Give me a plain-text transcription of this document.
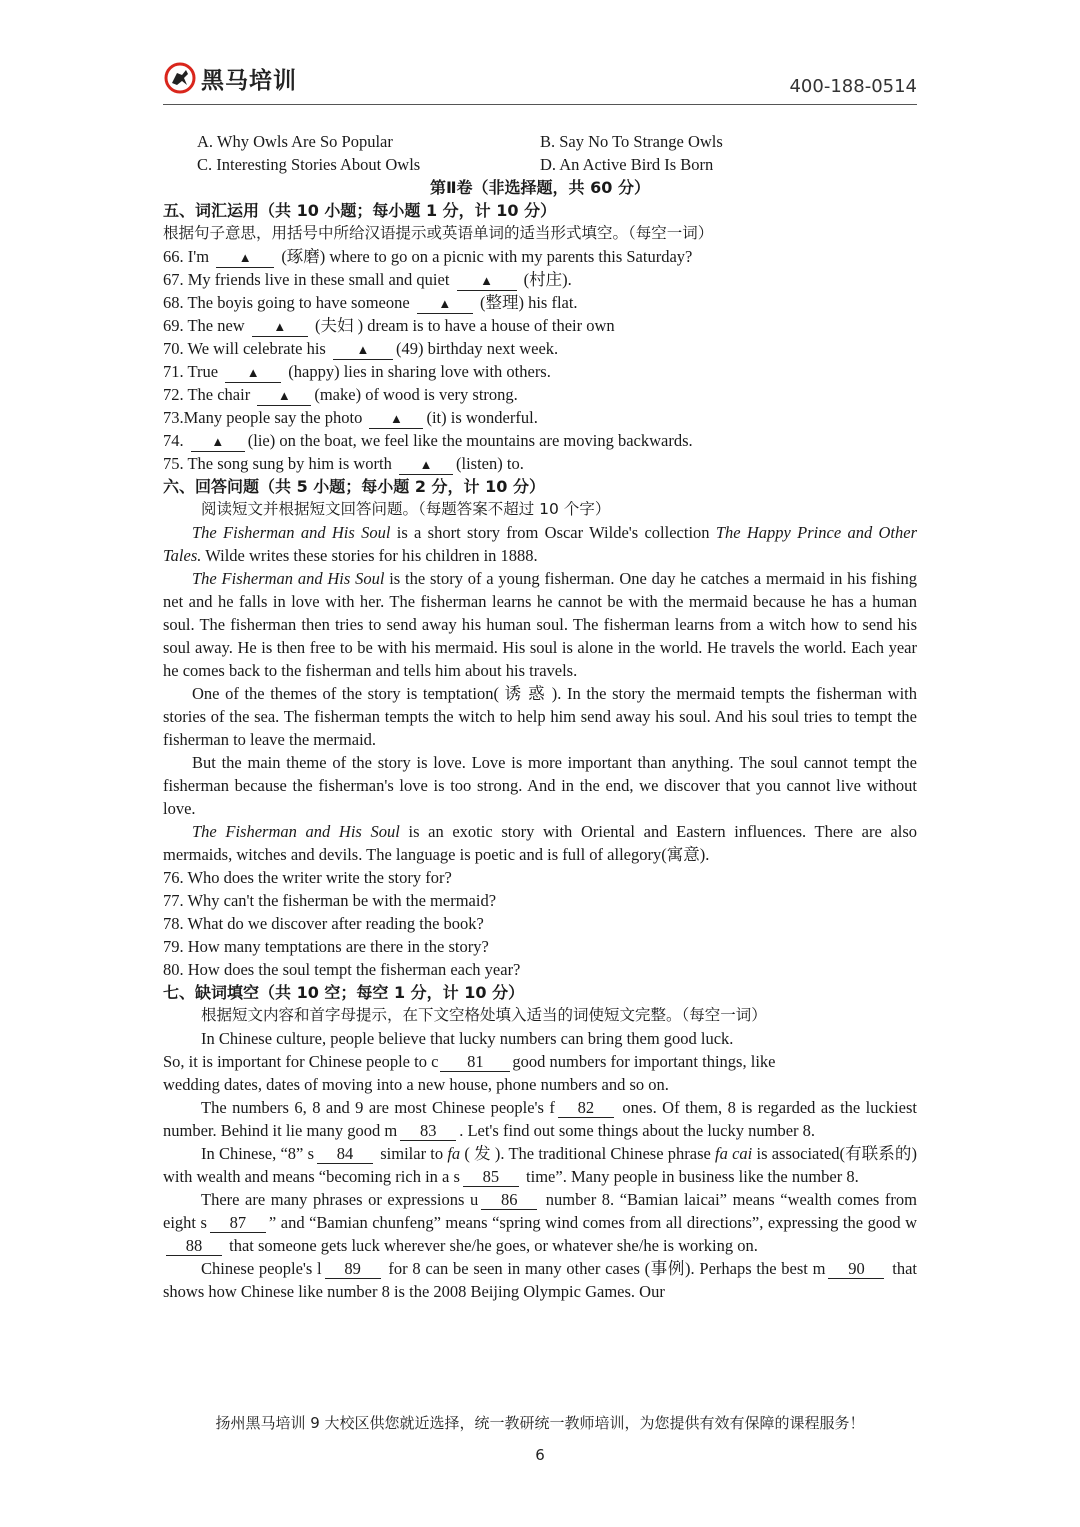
黑马培训	400-188-0514
A. Why Owls Are So Popular	B. Say No To Strange Owls
C. Interesting Stories About Owls	D. An Active Bird Is Born
第Ⅱ卷（非选择题，共 60 分）
五、词汇运用（共 10 小题；每小题 1 分，计 10 分）
根据句子意思，用括号中所给汉语提示或英语单词的适当形式填空。（每空一词）
66. I'm ▲ (琢磨) where to go on a picnic with my parents this Saturday?
67. My friends live in these small and quiet ▲ (村庄).
68. The boyis going to have someone ▲ (整理) his flat.
69. The new ▲ (夫妇 ) dream is to have a house of their own
70. We will celebrate his ▲ (49) birthday next week.
71. True ▲ (happy) lies in sharing love with others.
72. The chair ▲ (make) of wood is very strong.
73.Many people say the photo ▲ (it) is wonderful.
74. ▲ (lie) on the boat, we feel like the mountains are moving backwards.
75. The song sung by him is worth ▲ (listen) to.
六、回答问题（共 5 小题；每小题 2 分，计 10 分）
阅读短文并根据短文回答问题。（每题答案不超过 10 个字）
The Fisherman and His Soul is a short story from Oscar Wilde's collection The Happy Prince and Other Tales. Wilde writes these stories for his children in 1888.
The Fisherman and His Soul is the story of a young fisherman. One day he catches a mermaid in his fishing net and he falls in love with her. The fisherman learns he cannot be with the mermaid because he has a human soul. The fisherman then tries to send away his human soul. The fisherman learns from a witch how to send his soul away. He is then free to be with his mermaid. His soul is alone in the world. He travels the world. Each year he comes back to the fisherman and tells him about his travels.
One of the themes of the story is temptation( 诱 惑 ). In the story the mermaid tempts the fisherman with stories of the sea. The fisherman tempts the witch to help him send away his soul. And his soul tries to tempt the fisherman to leave the mermaid.
But the main theme of the story is love. Love is more important than anything. The soul cannot tempt the fisherman because the fisherman's love is too strong. And in the end, we discover that you cannot live without love.
The Fisherman and His Soul is an exotic story with Oriental and Eastern influences. There are also mermaids, witches and devils. The language is poetic and is full of allegory(寓意).
76. Who does the writer write the story for?
77. Why can't the fisherman be with the mermaid?
78. What do we discover after reading the book?
79. How many temptations are there in the story?
80. How does the soul tempt the fisherman each year?
七、缺词填空（共 10 空；每空 1 分，计 10 分）
根据短文内容和首字母提示，在下文空格处填入适当的词使短文完整。（每空一词）
In Chinese culture, people believe that lucky numbers can bring them good luck.
So, it is important for Chinese people to c 81 good numbers for important things, like
wedding dates, dates of moving into a new house, phone numbers and so on.
The numbers 6, 8 and 9 are most Chinese people's f 82 ones. Of them, 8 is regarded as the luckiest number. Behind it lie many good m 83 . Let's find out some things about the lucky number 8.
In Chinese, “8” s 84 similar to fa ( 发 ). The traditional Chinese phrase fa cai is associated(有联系的) with wealth and means “becoming rich in a s 85 time”. Many people in business like the number 8.
There are many phrases or expressions u 86 number 8. “Bamian laicai” means “wealth comes from eight s 87 ” and “Bamian chunfeng” means “spring wind comes from all directions”, expressing the good w88 that someone gets luck wherever she/he goes, or whatever she/he is working on.
Chinese people's l 89 for 8 can be seen in many other cases (事例). Perhaps the best m 90 that shows how Chinese like number 8 is the 2008 Beijing Olympic Games. Our
扬州黑马培训 9 大校区供您就近选择，统一教研统一教师培训，为您提供有效有保障的课程服务！
6
